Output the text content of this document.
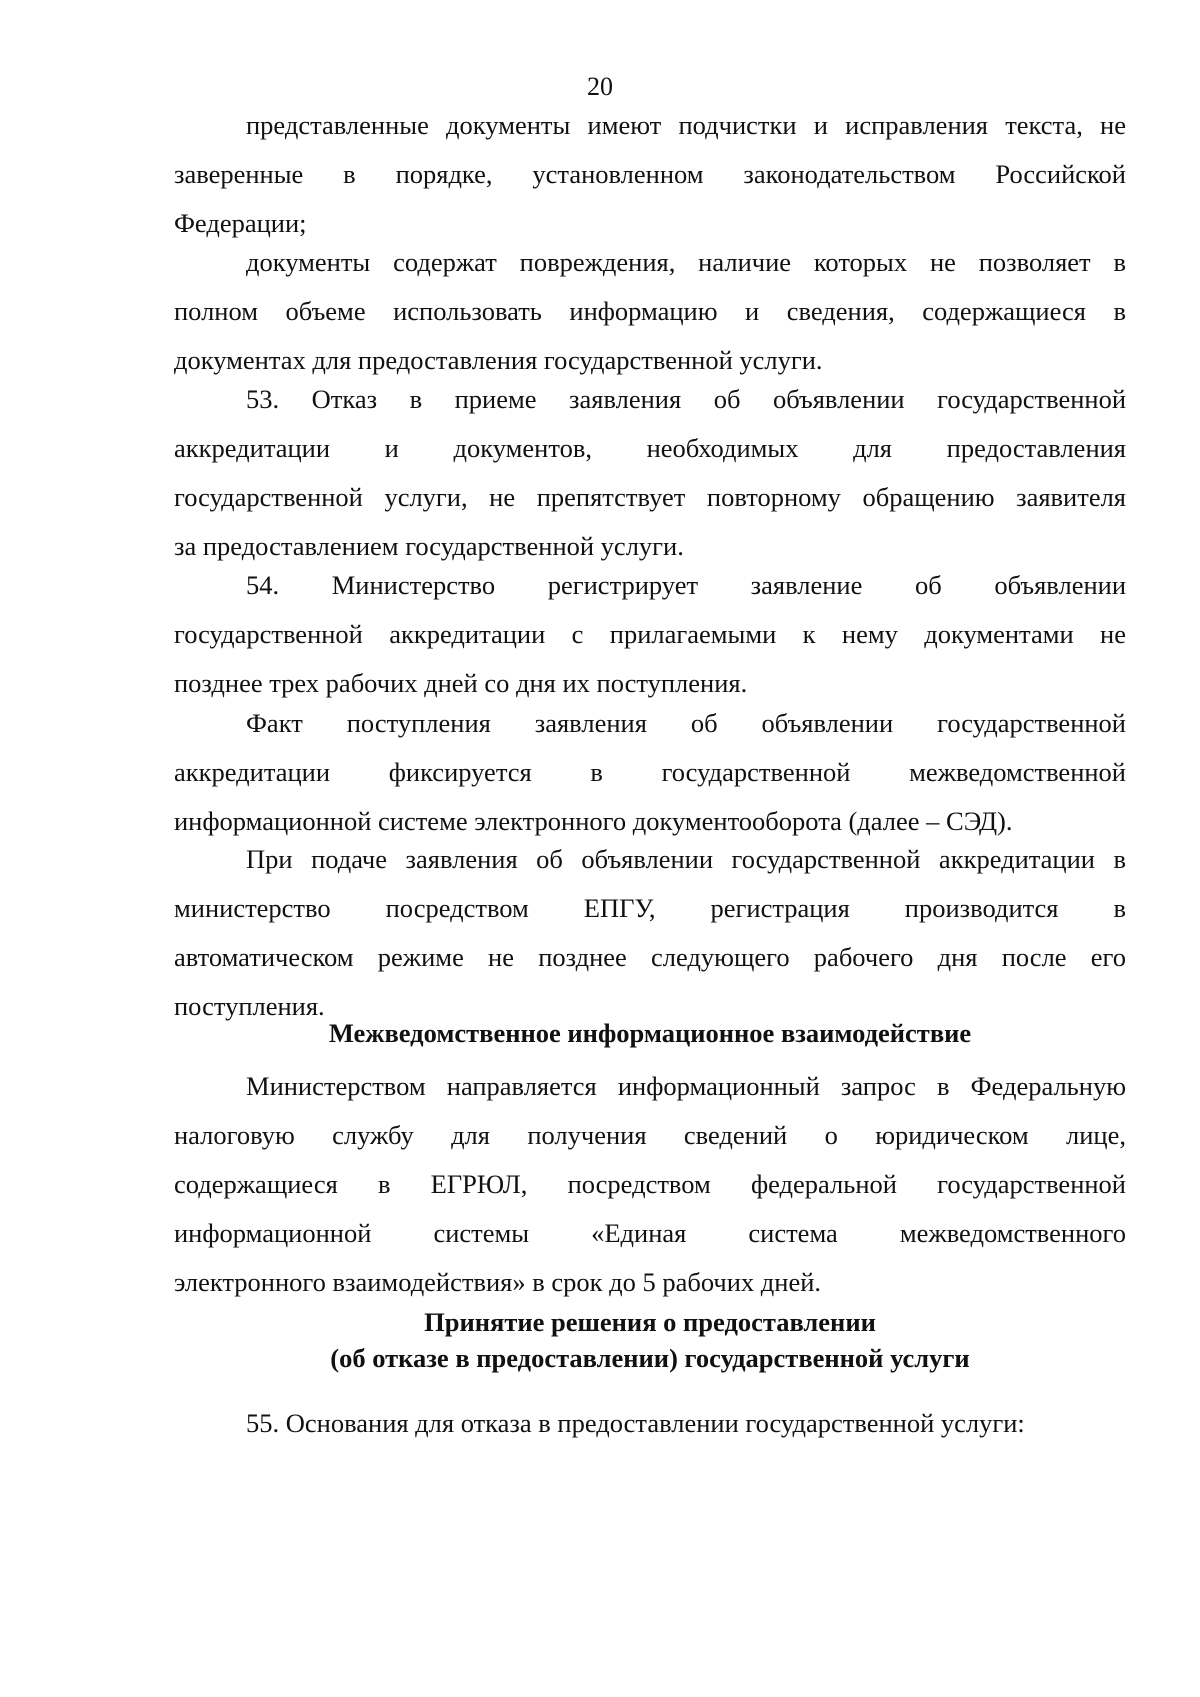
20
представленные документы имеют подчистки и исправления текста, не
заверенные в порядке, установленном законодательством Российской
Федерации;
документы содержат повреждения, наличие которых не позволяет в
полном объеме использовать информацию и сведения, содержащиеся в
документах для предоставления государственной услуги.
53. Отказ в приеме заявления об объявлении государственной
аккредитации и документов, необходимых для предоставления
государственной услуги, не препятствует повторному обращению заявителя
за предоставлением государственной услуги.
54. Министерство регистрирует заявление об объявлении
государственной аккредитации с прилагаемыми к нему документами не
позднее трех рабочих дней со дня их поступления.
Факт поступления заявления об объявлении государственной
аккредитации фиксируется в государственной межведомственной
информационной системе электронного документооборота (далее – СЭД).
При подаче заявления об объявлении государственной аккредитации в
министерство посредством ЕПГУ, регистрация производится в
автоматическом режиме не позднее следующего рабочего дня после его
поступления.
Межведомственное информационное взаимодействие
Министерством направляется информационный запрос в Федеральную
налоговую службу для получения сведений о юридическом лице,
содержащиеся в ЕГРЮЛ, посредством федеральной государственной
информационной системы «Единая система межведомственного
электронного взаимодействия» в срок до 5 рабочих дней.
Принятие решения о предоставлении
(об отказе в предоставлении) государственной услуги
55. Основания для отказа в предоставлении государственной услуги:
